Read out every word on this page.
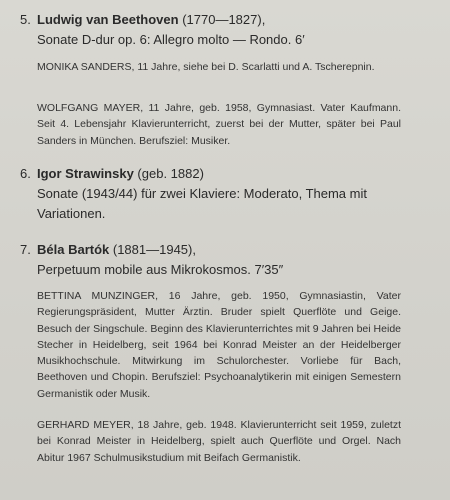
5. Ludwig van Beethoven (1770—1827),
Sonate D-dur op. 6: Allegro molto — Rondo. 6′
MONIKA SANDERS, 11 Jahre, siehe bei D. Scarlatti und A. Tscherepnin.
WOLFGANG MAYER, 11 Jahre, geb. 1958, Gymnasiast. Vater Kaufmann. Seit 4. Lebensjahr Klavierunterricht, zuerst bei der Mutter, später bei Paul Sanders in München. Berufsziel: Musiker.
6. Igor Strawinsky (geb. 1882)
Sonate (1943/44) für zwei Klaviere: Moderato, Thema mit Variationen.
7. Béla Bartók (1881—1945),
Perpetuum mobile aus Mikrokosmos. 7′35″
BETTINA MUNZINGER, 16 Jahre, geb. 1950, Gymnasiastin, Vater Regierungspräsident, Mutter Ärztin. Bruder spielt Querflöte und Geige. Besuch der Singschule. Beginn des Klavierunterrichtes mit 9 Jahren bei Heide Stecher in Heidelberg, seit 1964 bei Konrad Meister an der Heidelberger Musikhochschule. Mitwirkung im Schulorchester. Vorliebe für Bach, Beethoven und Chopin. Berufsziel: Psychoanalytikerin mit einigen Semestern Germanistik oder Musik.
GERHARD MEYER, 18 Jahre, geb. 1948. Klavierunterricht seit 1959, zuletzt bei Konrad Meister in Heidelberg, spielt auch Querflöte und Orgel. Nach Abitur 1967 Schulmusikstudium mit Beifach Germanistik.
